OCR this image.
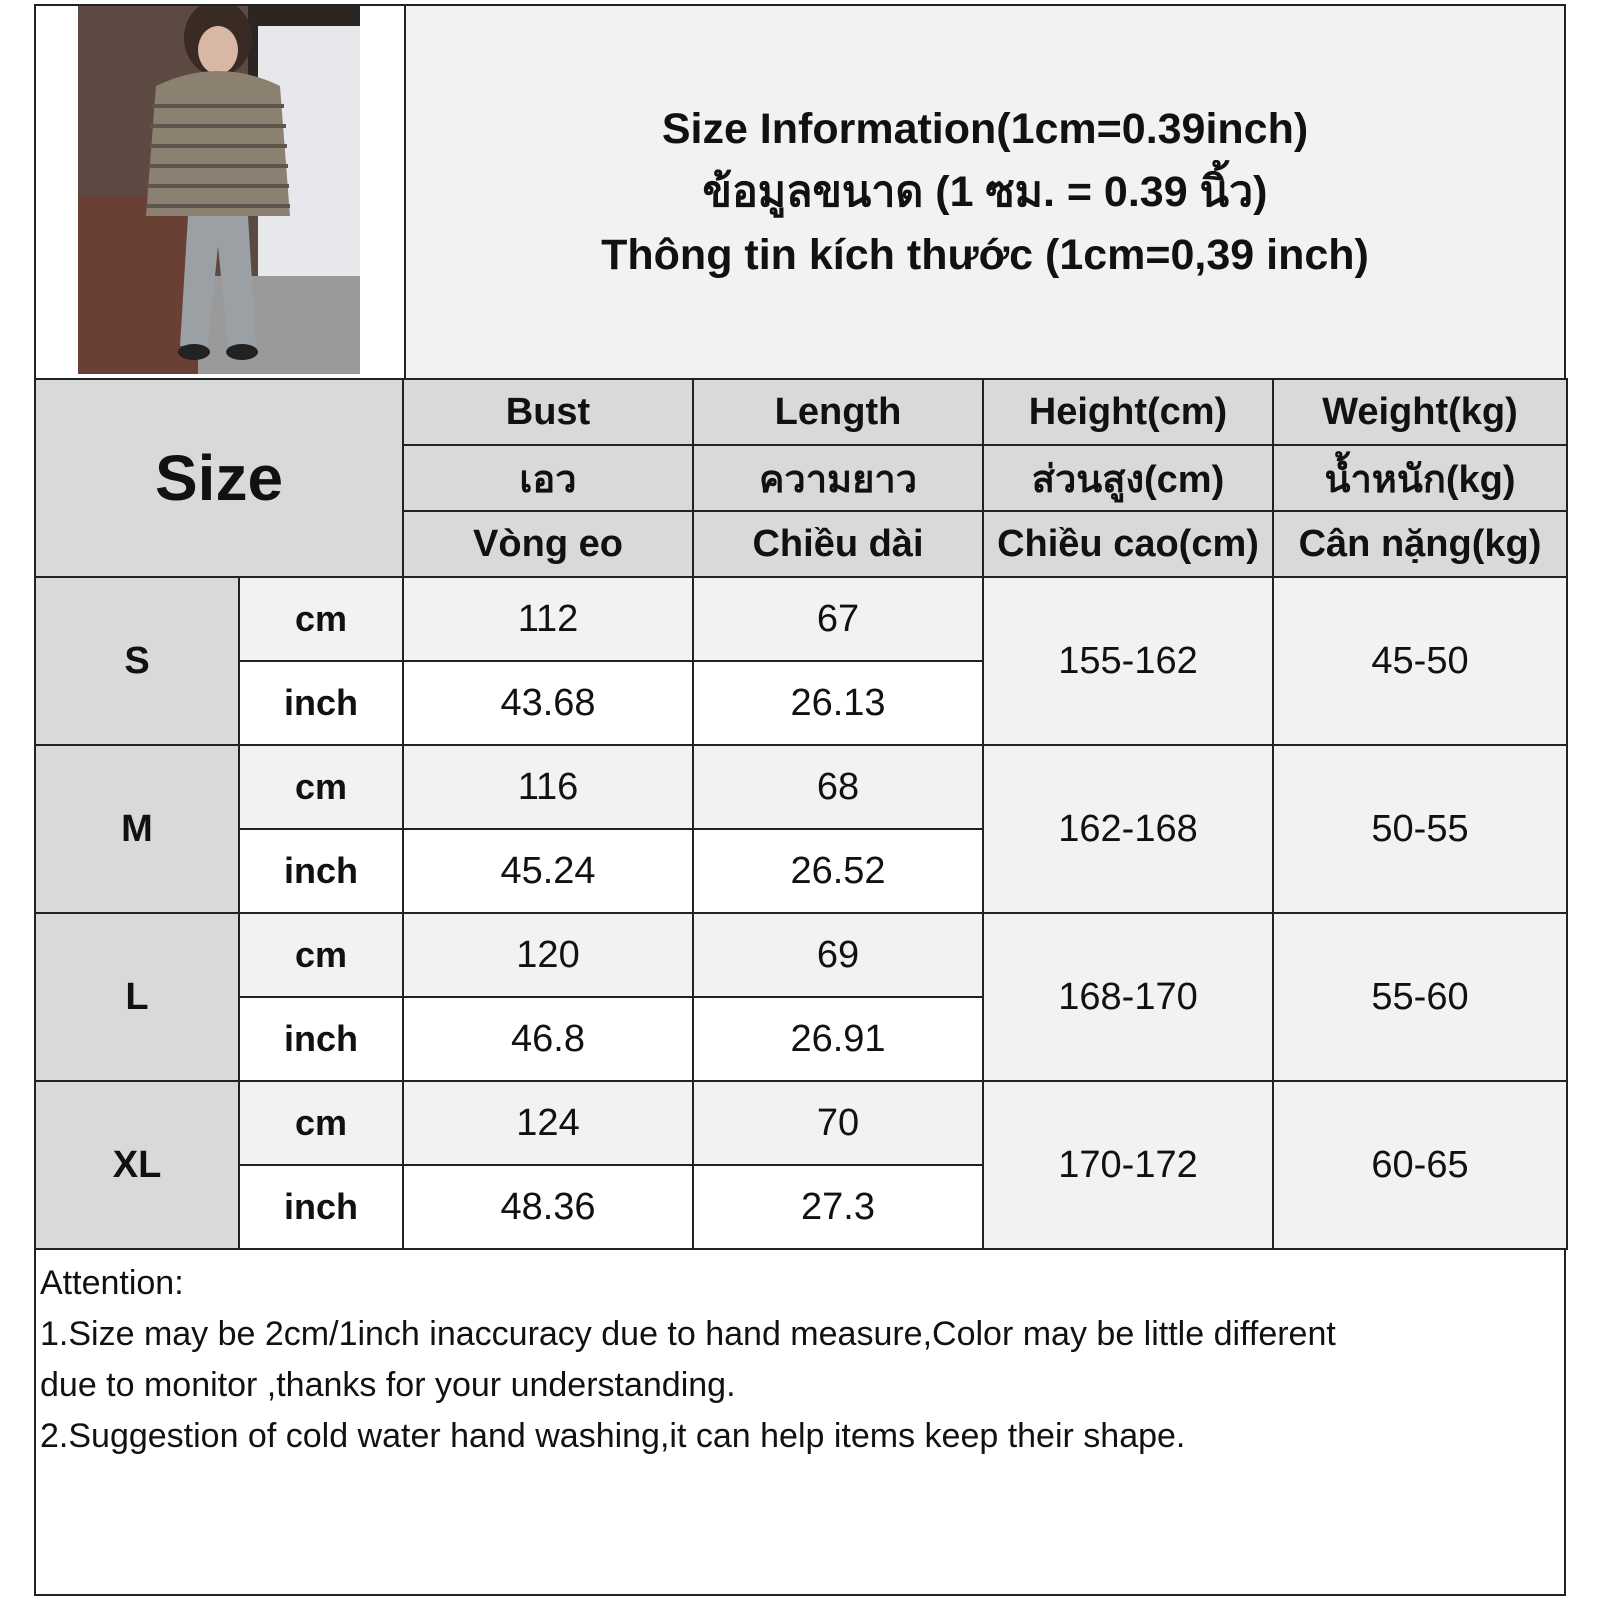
Size Information(1cm=0.39inch)
ข้อมูลขนาด (1 ซม. = 0.39 นิ้ว)
Thông tin kích thước (1cm=0,39 inch)
Size		Bust	Length	Height(cm)	Weight(kg)
		เอว	ความยาว	ส่วนสูง(cm)	น้ำหนัก(kg)
		Vòng eo	Chiều dài	Chiều cao(cm)	Cân nặng(kg)
S	cm	112	67	155-162	45-50
	inch	43.68	26.13		
M	cm	116	68	162-168	50-55
	inch	45.24	26.52		
L	cm	120	69	168-170	55-60
	inch	46.8	26.91		
XL	cm	124	70	170-172	60-65
	inch	48.36	27.3		
Attention:
1.Size may be 2cm/1inch inaccuracy due to hand measure,Color may be little different
due to monitor ,thanks for your understanding.
2.Suggestion of cold water hand washing,it can help items keep their shape.
